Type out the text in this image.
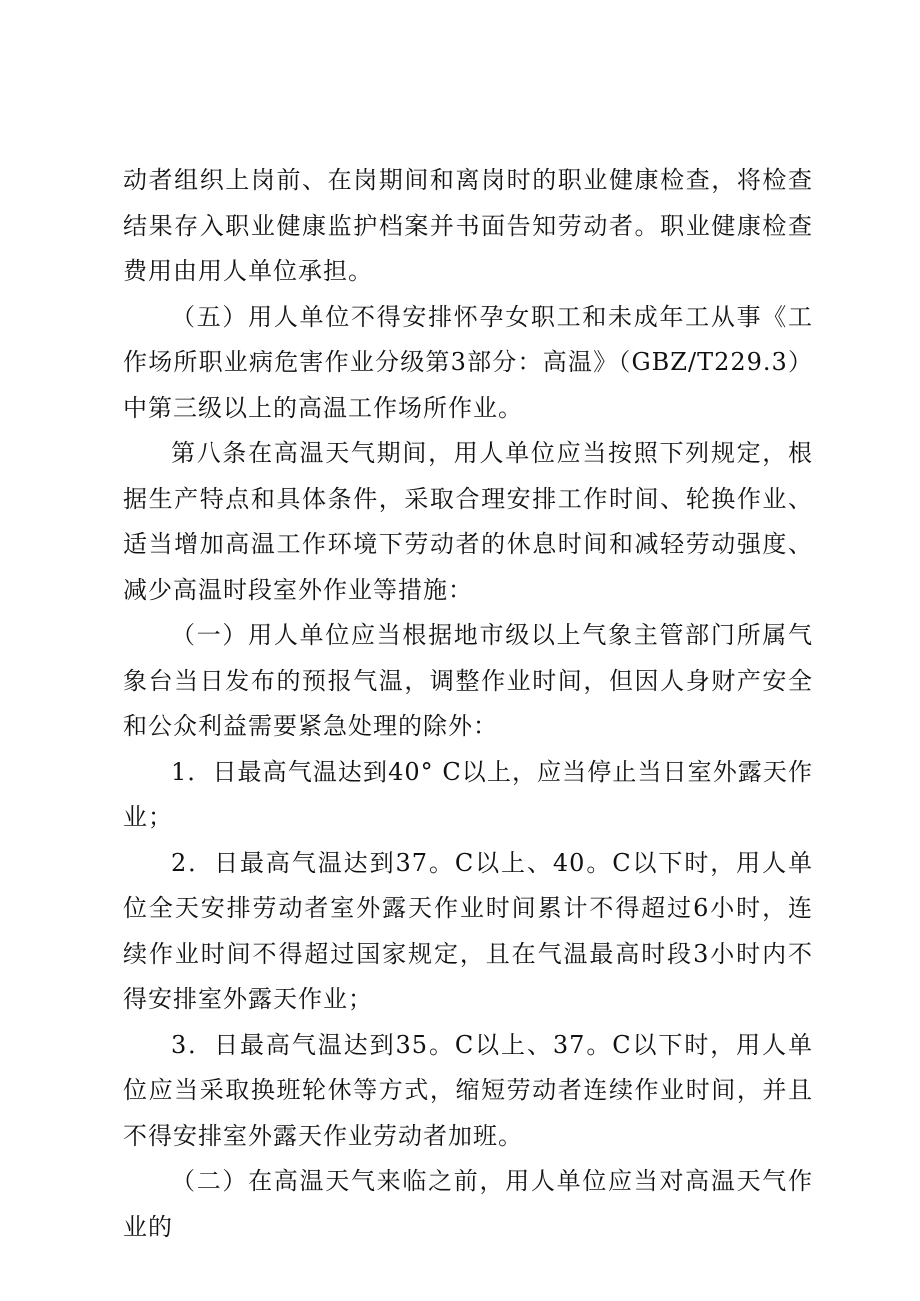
动者组织上岗前、在岗期间和离岗时的职业健康检查，将检查结果存入职业健康监护档案并书面告知劳动者。职业健康检查费用由用人单位承担。

（五）用人单位不得安排怀孕女职工和未成年工从事《工作场所职业病危害作业分级第3部分：高温》（GBZ/T229.3）中第三级以上的高温工作场所作业。

第八条在高温天气期间，用人单位应当按照下列规定，根据生产特点和具体条件，采取合理安排工作时间、轮换作业、适当增加高温工作环境下劳动者的休息时间和减轻劳动强度、减少高温时段室外作业等措施：

（一）用人单位应当根据地市级以上气象主管部门所属气象台当日发布的预报气温，调整作业时间，但因人身财产安全和公众利益需要紧急处理的除外：

1．日最高气温达到40° C以上，应当停止当日室外露天作业；

2．日最高气温达到37。C以上、40。C以下时，用人单位全天安排劳动者室外露天作业时间累计不得超过6小时，连续作业时间不得超过国家规定，且在气温最高时段3小时内不得安排室外露天作业；

3．日最高气温达到35。C以上、37。C以下时，用人单位应当采取换班轮休等方式，缩短劳动者连续作业时间，并且不得安排室外露天作业劳动者加班。

（二）在高温天气来临之前，用人单位应当对高温天气作业的
